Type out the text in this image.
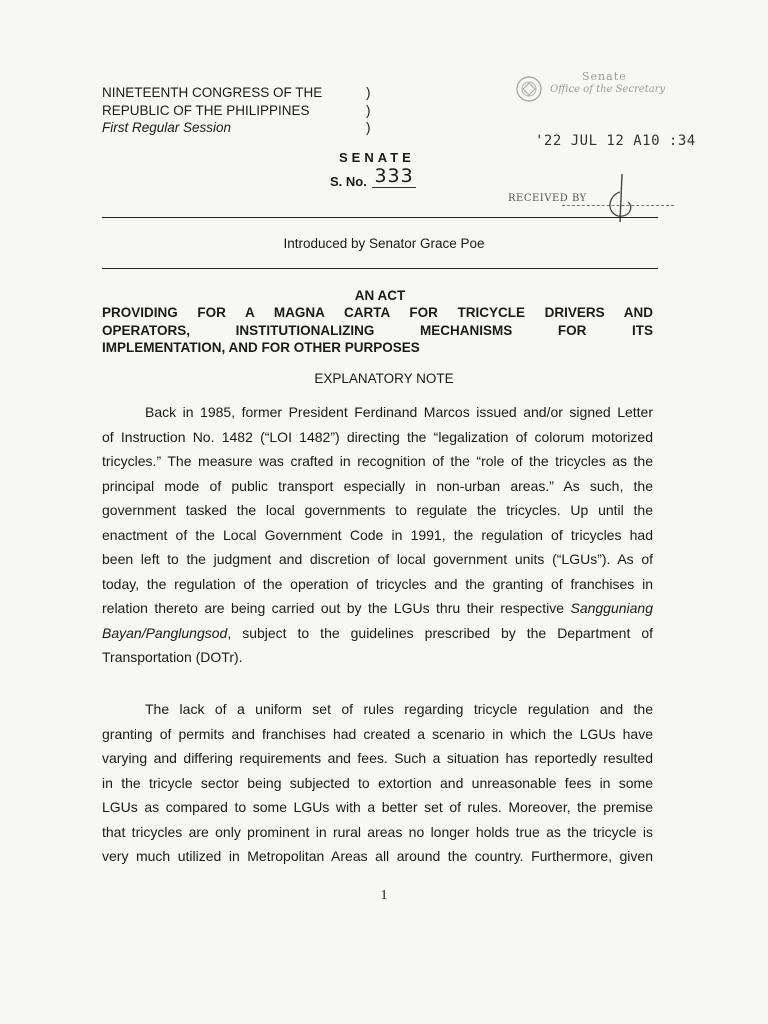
NINETEENTH CONGRESS OF THE
REPUBLIC OF THE PHILIPPINES
First Regular Session
)
)
)
Senate
Office of the Secretary
'22 JUL 12 A10 :34
SENATE
S. No. 333
RECEIVED BY
Introduced by Senator Grace Poe
AN ACT
PROVIDING FOR A MAGNA CARTA FOR TRICYCLE DRIVERS AND
OPERATORS, INSTITUTIONALIZING MECHANISMS FOR ITS
IMPLEMENTATION, AND FOR OTHER PURPOSES
EXPLANATORY NOTE
Back in 1985, former President Ferdinand Marcos issued and/or signed Letter
of Instruction No. 1482 (“LOI 1482”) directing the “legalization of colorum motorized
tricycles.” The measure was crafted in recognition of the “role of the tricycles as the
principal mode of public transport especially in non-urban areas.” As such, the
government tasked the local governments to regulate the tricycles. Up until the
enactment of the Local Government Code in 1991, the regulation of tricycles had
been left to the judgment and discretion of local government units (“LGUs”). As of
today, the regulation of the operation of tricycles and the granting of franchises in
relation thereto are being carried out by the LGUs thru their respective Sangguniang
Bayan/Panglungsod, subject to the guidelines prescribed by the Department of
Transportation (DOTr).
The lack of a uniform set of rules regarding tricycle regulation and the
granting of permits and franchises had created a scenario in which the LGUs have
varying and differing requirements and fees. Such a situation has reportedly resulted
in the tricycle sector being subjected to extortion and unreasonable fees in some
LGUs as compared to some LGUs with a better set of rules. Moreover, the premise
that tricycles are only prominent in rural areas no longer holds true as the tricycle is
very much utilized in Metropolitan Areas all around the country. Furthermore, given
1
